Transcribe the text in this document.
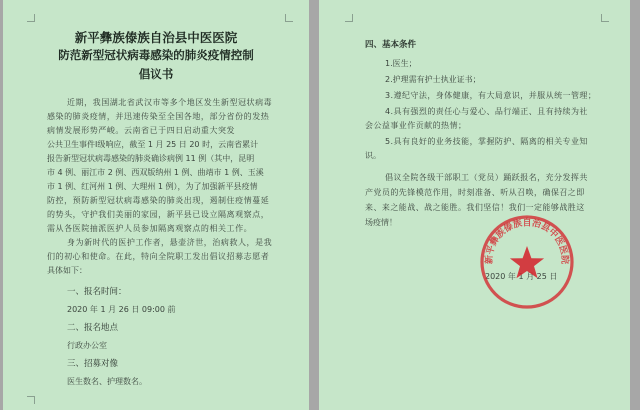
新平彝族傣族自治县中医医院
防范新型冠状病毒感染的肺炎疫情控制
倡议书
近期，我国湖北省武汉市等多个地区发生新型冠状病毒
感染的肺炎疫情，并迅速传染至全国各地，部分省份的发热
病情发展形势严峻。云南省已于四日启动重大突发
公共卫生事件Ⅰ级响应，截至 1 月 25 日 20 时，云南省累计
报告新型冠状病毒感染的肺炎确诊病例 11 例（其中，昆明
市 4 例、丽江市 2 例、西双版纳州 1 例、曲靖市 1 例、玉溪
市 1 例、红河州 1 例、大理州 1 例），为了加强新平县疫情
防控，预防新型冠状病毒感染的肺炎出现，遏制住疫情蔓延
的势头，守护我们美丽的家园，新平县已设立隔离观察点，
需从各医院抽派医护人员参加隔离观察点的相关工作。
身为新时代的医护工作者，悬壶济世，治病救人，是我
们的初心和使命。在此，特向全院职工发出倡议招募志愿者
具体如下：
一、报名时间：
2020 年 1 月 26 日 09:00 前
二、报名地点
行政办公室
三、招募对像
医生数名、护理数名。
四、基本条件
1.医生；
2.护理需有护士执业证书；
3.遵纪守法，身体健康，有大局意识，并服从统一管理；
4.具有强烈的责任心与爱心、品行端正、且有持续为社
会公益事业作贡献的热情；
5.具有良好的业务技能，掌握防护、隔离的相关专业知
识。
倡议全院各级干部职工（党员）踊跃报名，充分发挥共
产党员的先锋模范作用，时刻准备、听从召唤，确保召之即
来、来之能战、战之能胜。我们坚信！我们一定能够战胜这
场疫情！
2020 年 1 月 25 日
新平彝族傣族自治县中医医院
